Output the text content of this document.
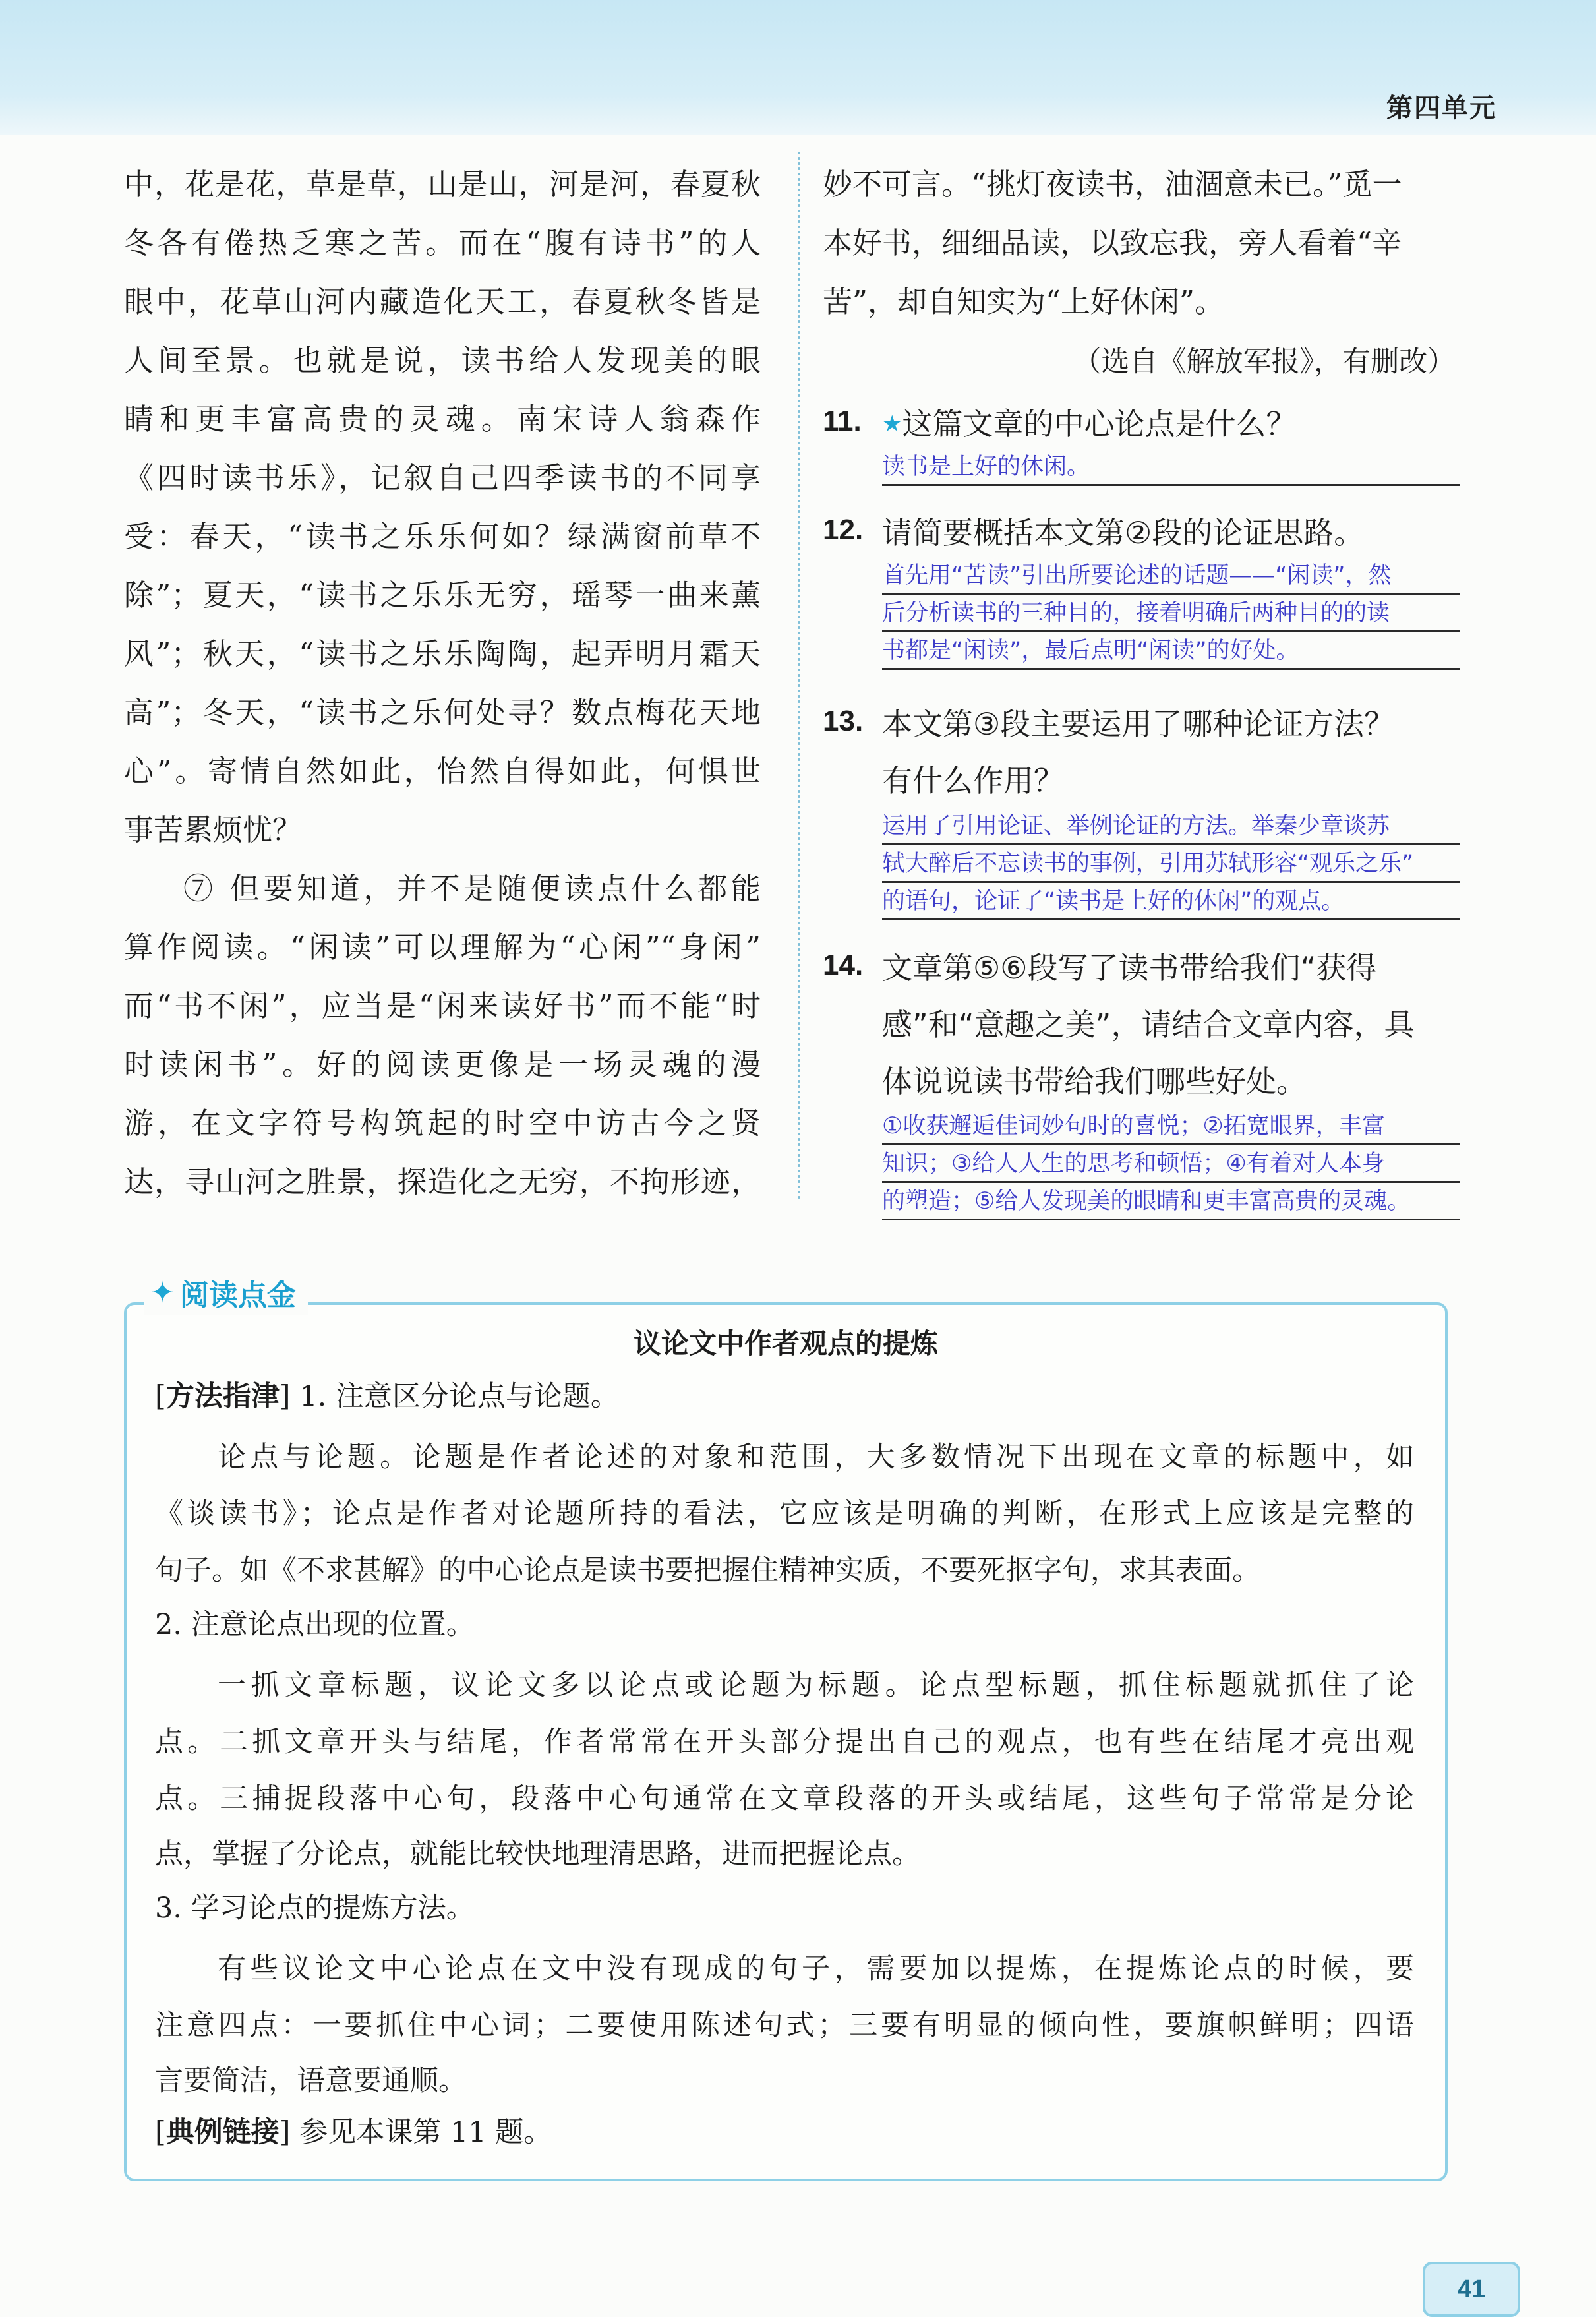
第四单元
中，花是花，草是草，山是山，河是河，春夏秋
冬各有倦热乏寒之苦。而在“腹有诗书”的人
眼中，花草山河内藏造化天工，春夏秋冬皆是
人间至景。也就是说，读书给人发现美的眼
睛和更丰富高贵的灵魂。南宋诗人翁森作
《四时读书乐》，记叙自己四季读书的不同享
受：春天，“读书之乐乐何如？绿满窗前草不
除”；夏天，“读书之乐乐无穷，瑶琴一曲来薰
风”；秋天，“读书之乐乐陶陶，起弄明月霜天
高”；冬天，“读书之乐何处寻？数点梅花天地
心”。寄情自然如此，怡然自得如此，何惧世
事苦累烦忧？
⑦ 但要知道，并不是随便读点什么都能
算作阅读。“闲读”可以理解为“心闲”“身闲”
而“书不闲”，应当是“闲来读好书”而不能“时
时读闲书”。好的阅读更像是一场灵魂的漫
游，在文字符号构筑起的时空中访古今之贤
达，寻山河之胜景，探造化之无穷，不拘形迹，
妙不可言。“挑灯夜读书，油涸意未已。”觅一
本好书，细细品读，以致忘我，旁人看着“辛
苦”，却自知实为“上好休闲”。
（选自《解放军报》，有删改）
11. ★这篇文章的中心论点是什么？
读书是上好的休闲。
12. 请简要概括本文第②段的论证思路。
首先用“苦读”引出所要论述的话题——“闲读”，然
后分析读书的三种目的，接着明确后两种目的的读
书都是“闲读”，最后点明“闲读”的好处。
13. 本文第③段主要运用了哪种论证方法？
有什么作用？
运用了引用论证、举例论证的方法。举秦少章谈苏
轼大醉后不忘读书的事例，引用苏轼形容“观乐之乐”
的语句，论证了“读书是上好的休闲”的观点。
14. 文章第⑤⑥段写了读书带给我们“获得
感”和“意趣之美”，请结合文章内容，具
体说说读书带给我们哪些好处。
①收获邂逅佳词妙句时的喜悦；②拓宽眼界，丰富
知识；③给人人生的思考和顿悟；④有着对人本身
的塑造；⑤给人发现美的眼睛和更丰富高贵的灵魂。
✦ 阅读点金
议论文中作者观点的提炼
[方法指津] 1. 注意区分论点与论题。
论点与论题。论题是作者论述的对象和范围，大多数情况下出现在文章的标题中，如
《谈读书》；论点是作者对论题所持的看法，它应该是明确的判断，在形式上应该是完整的
句子。如《不求甚解》的中心论点是读书要把握住精神实质，不要死抠字句，求其表面。
2. 注意论点出现的位置。
一抓文章标题，议论文多以论点或论题为标题。论点型标题，抓住标题就抓住了论
点。二抓文章开头与结尾，作者常常在开头部分提出自己的观点，也有些在结尾才亮出观
点。三捕捉段落中心句，段落中心句通常在文章段落的开头或结尾，这些句子常常是分论
点，掌握了分论点，就能比较快地理清思路，进而把握论点。
3. 学习论点的提炼方法。
有些议论文中心论点在文中没有现成的句子，需要加以提炼，在提炼论点的时候，要
注意四点：一要抓住中心词；二要使用陈述句式；三要有明显的倾向性，要旗帜鲜明；四语
言要简洁，语意要通顺。
[典例链接] 参见本课第 11 题。
41
